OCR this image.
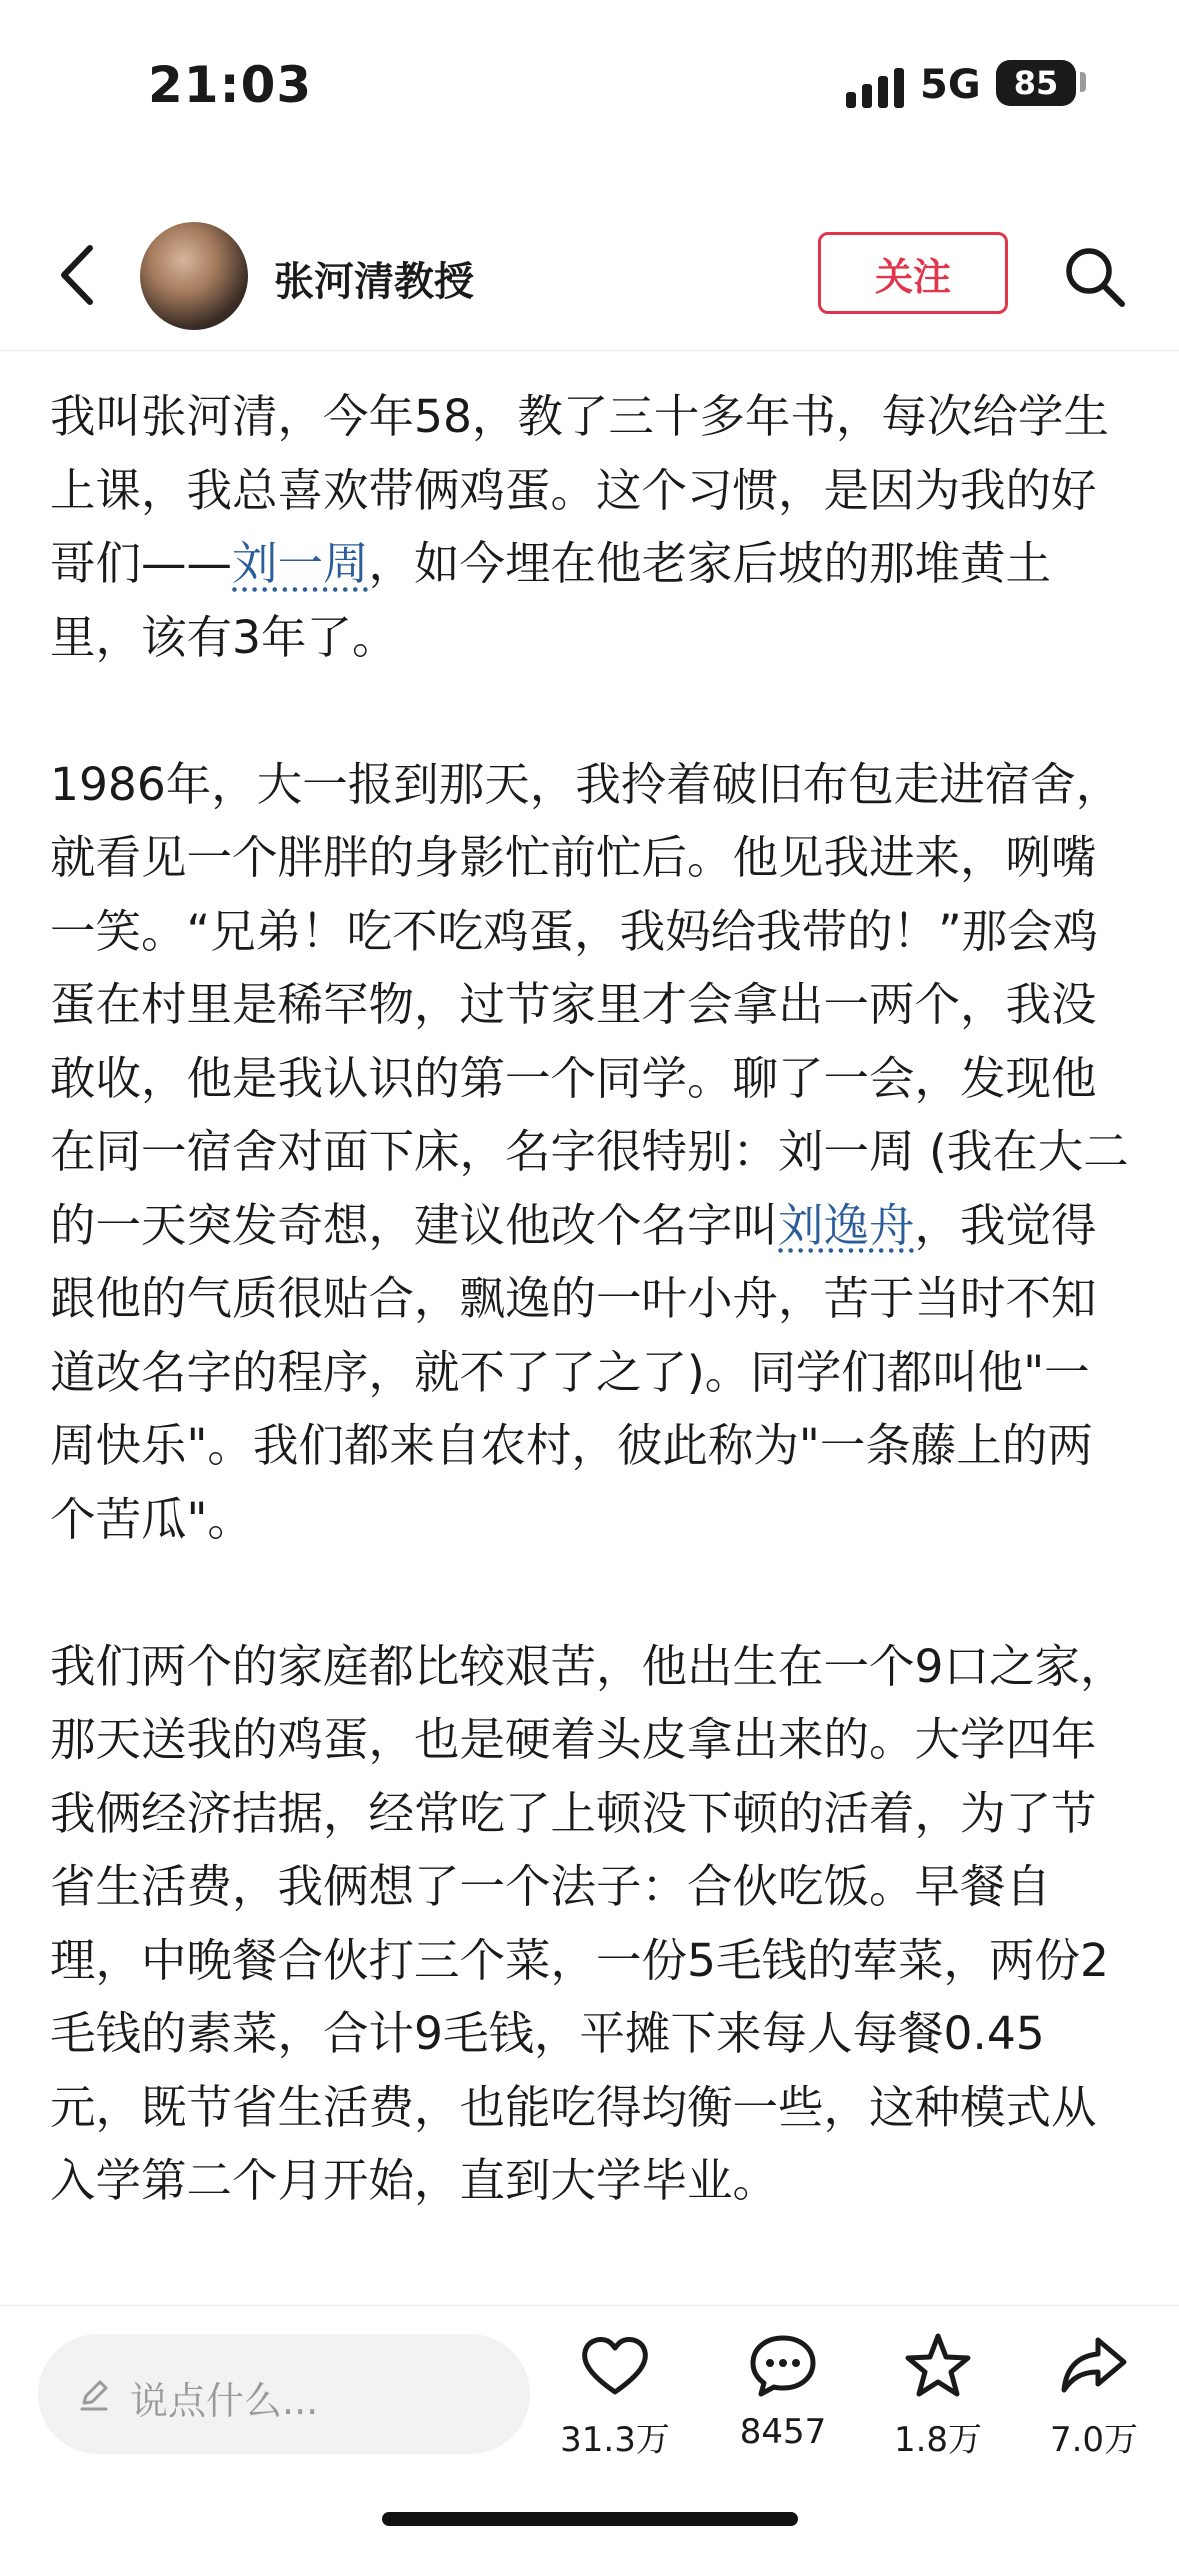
21:03	5G 85
张河清教授	关注

我叫张河清，今年58，教了三十多年书，每次给学生上课，我总喜欢带俩鸡蛋。这个习惯，是因为我的好哥们——刘一周，如今埋在他老家后坡的那堆黄土里，该有3年了。

1986年，大一报到那天，我拎着破旧布包走进宿舍，就看见一个胖胖的身影忙前忙后。他见我进来，咧嘴一笑。“兄弟！吃不吃鸡蛋，我妈给我带的！”那会鸡蛋在村里是稀罕物，过节家里才会拿出一两个，我没敢收，他是我认识的第一个同学。聊了一会，发现他在同一宿舍对面下床，名字很特别：刘一周 (我在大二的一天突发奇想，建议他改个名字叫刘逸舟，我觉得跟他的气质很贴合，飘逸的一叶小舟，苦于当时不知道改名字的程序，就不了了之了)。同学们都叫他"一周快乐"。我们都来自农村，彼此称为"一条藤上的两个苦瓜"。

我们两个的家庭都比较艰苦，他出生在一个9口之家，那天送我的鸡蛋，也是硬着头皮拿出来的。大学四年我俩经济拮据，经常吃了上顿没下顿的活着，为了节省生活费，我俩想了一个法子：合伙吃饭。早餐自理，中晚餐合伙打三个菜，一份5毛钱的荤菜，两份2毛钱的素菜，合计9毛钱，平摊下来每人每餐0.45元，既节省生活费，也能吃得均衡一些，这种模式从入学第二个月开始，直到大学毕业。

说点什么...
31.3万	8457	1.8万	7.0万
